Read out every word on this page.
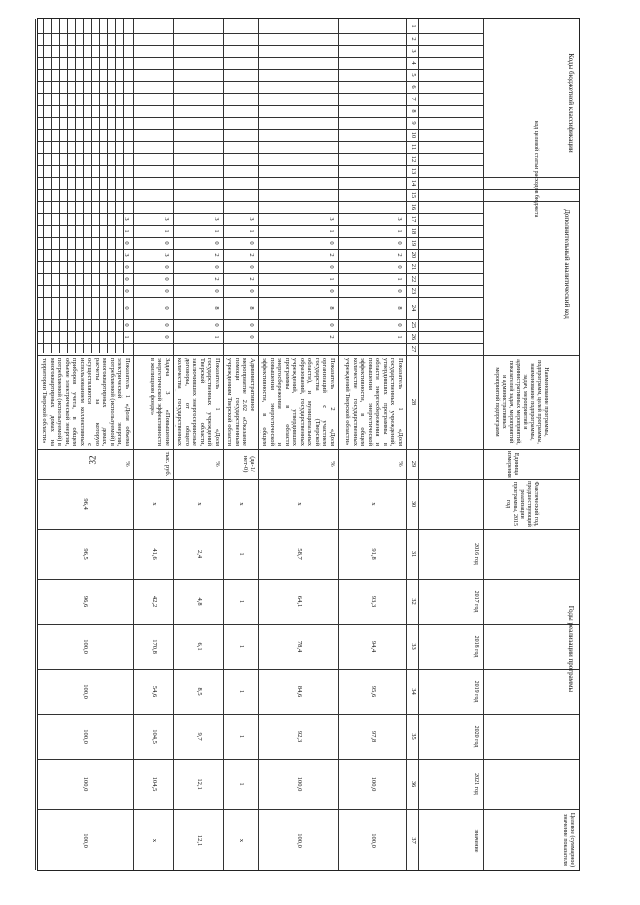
32
Коды бюджетной классификации
Дополнительный аналитический код
Годы реализации программы
Целевое (суммарное) значение показателя
Наименование программы, подпрограмм, целей программы, наименование подпрограммы, задач, мероприятий и административных мероприятий, показателей задач, мероприятий и административных мероприятий подпрограмм
Единица измерения
Фактический год, предшествующий реализации программы, 2015 год
2016 год
2017 год
2018 год
2019 год
2020 год
2021 год
значение
код целевой статьи расходов бюджета
1
2
3
4
5
6
7
8
9
10
11
12
13
14
15
16
17
18
19
20
21
22
23
24
25
26
27
28
29
30
31
32
33
34
35
36
37
3
1
0
2
0
1
0
8
0
1
Показатель 1 «Доля государственных учреждений, утвердивших программы в области энергосбережения и повышения энергетической эффективности, в общем количестве государственных учреждений Тверской области»
%
х
91,8
93,3
94,4
95,6
97,8
100,0
100,0
3
1
0
2
0
1
0
8
0
2
Показатель 2 «Доля организаций с участием государства (Тверской области), и муниципальных образований, государственных учреждений, утвердивших программы в области энергосбережения и повышения энергетической эффективности, в общем
%
х
58,7
64,1
78,4
84,6
92,3
100,0
100,0
3
1
0
2
0
2
0
8
0
0
Административное мероприятие 2.02 «Оказание помощи государственным учреждениям Тверской области
(да-1/нет-0)
х
1
1
1
1
1
1
х
3
1
0
2
0
2
0
8
0
1
Показатель 1 «Доля государственных учреждений Тверской области, заключивших энергосервисные договоры, от общего количества государственных
%
х
2,4
4,8
6,1
8,5
9,7
12,1
12,1
3
1
0
3
0
0
0
0
0
0
Задача 3 «Повышение энергетической эффективности в жилищном фонде»
тыс. руб.
х
41,6
42,2
170,8
54,6
104,5
104,5
х
3
1
0
3
0
0
0
0
0
1
Показатель 1 «Доля объема электрической энергии, потребляемой (используемой) в многоквартирных домах, расчеты за которую осуществляются с использованием коллективных приборов учета, в общем объеме электрической энергии, потребляемой (используемой) в многоквартирных домах на территории Тверской области»
%
96,4
96,5
96,6
100,0
100,0
100,0
100,0
100,0
